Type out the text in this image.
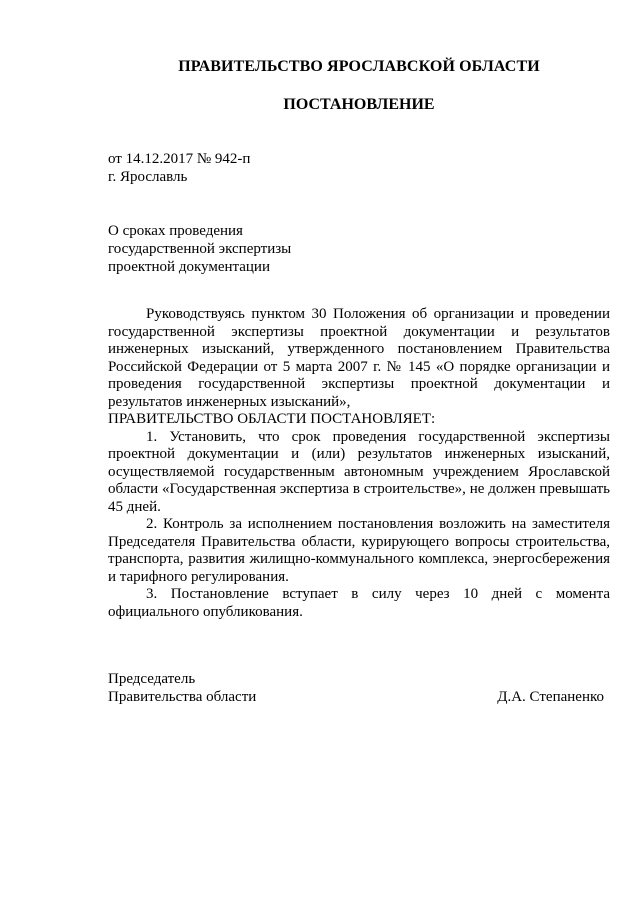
ПРАВИТЕЛЬСТВО ЯРОСЛАВСКОЙ ОБЛАСТИ
ПОСТАНОВЛЕНИЕ
от 14.12.2017 № 942-п
г. Ярославль
О сроках проведения
государственной экспертизы
проектной документации

Руководствуясь пунктом 30 Положения об организации и проведении государственной экспертизы проектной документации и результатов инженерных изысканий, утвержденного постановлением Правительства Российской Федерации от 5 марта 2007 г. № 145 «О порядке организации и проведения государственной экспертизы проектной документации и результатов инженерных изысканий»,

ПРАВИТЕЛЬСТВО ОБЛАСТИ ПОСТАНОВЛЯЕТ:

1. Установить, что срок проведения государственной экспертизы проектной документации и (или) результатов инженерных изысканий, осуществляемой государственным автономным учреждением Ярославской области «Государственная экспертиза в строительстве», не должен превышать 45 дней.

2. Контроль за исполнением постановления возложить на заместителя Председателя Правительства области, курирующего вопросы строительства, транспорта, развития жилищно-коммунального комплекса, энергосбережения и тарифного регулирования.

3. Постановление вступает в силу через 10 дней с момента официального опубликования.

Председатель
Правительства области	Д.А. Степаненко
